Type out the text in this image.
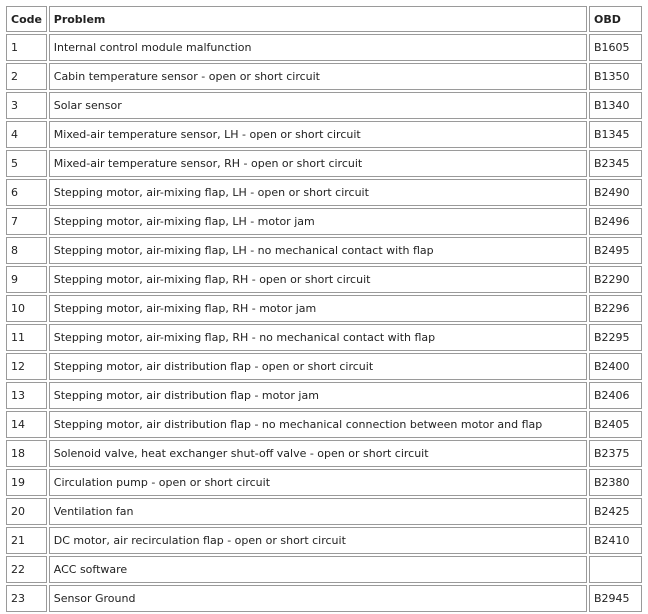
Code	Problem	OBD
1	Internal control module malfunction	B1605
2	Cabin temperature sensor - open or short circuit	B1350
3	Solar sensor	B1340
4	Mixed-air temperature sensor, LH - open or short circuit	B1345
5	Mixed-air temperature sensor, RH - open or short circuit	B2345
6	Stepping motor, air-mixing flap, LH - open or short circuit	B2490
7	Stepping motor, air-mixing flap, LH - motor jam	B2496
8	Stepping motor, air-mixing flap, LH - no mechanical contact with flap	B2495
9	Stepping motor, air-mixing flap, RH - open or short circuit	B2290
10	Stepping motor, air-mixing flap, RH - motor jam	B2296
11	Stepping motor, air-mixing flap, RH - no mechanical contact with flap	B2295
12	Stepping motor, air distribution flap - open or short circuit	B2400
13	Stepping motor, air distribution flap - motor jam	B2406
14	Stepping motor, air distribution flap - no mechanical connection between motor and flap	B2405
18	Solenoid valve, heat exchanger shut-off valve - open or short circuit	B2375
19	Circulation pump - open or short circuit	B2380
20	Ventilation fan	B2425
21	DC motor, air recirculation flap - open or short circuit	B2410
22	ACC software	
23	Sensor Ground	B2945
